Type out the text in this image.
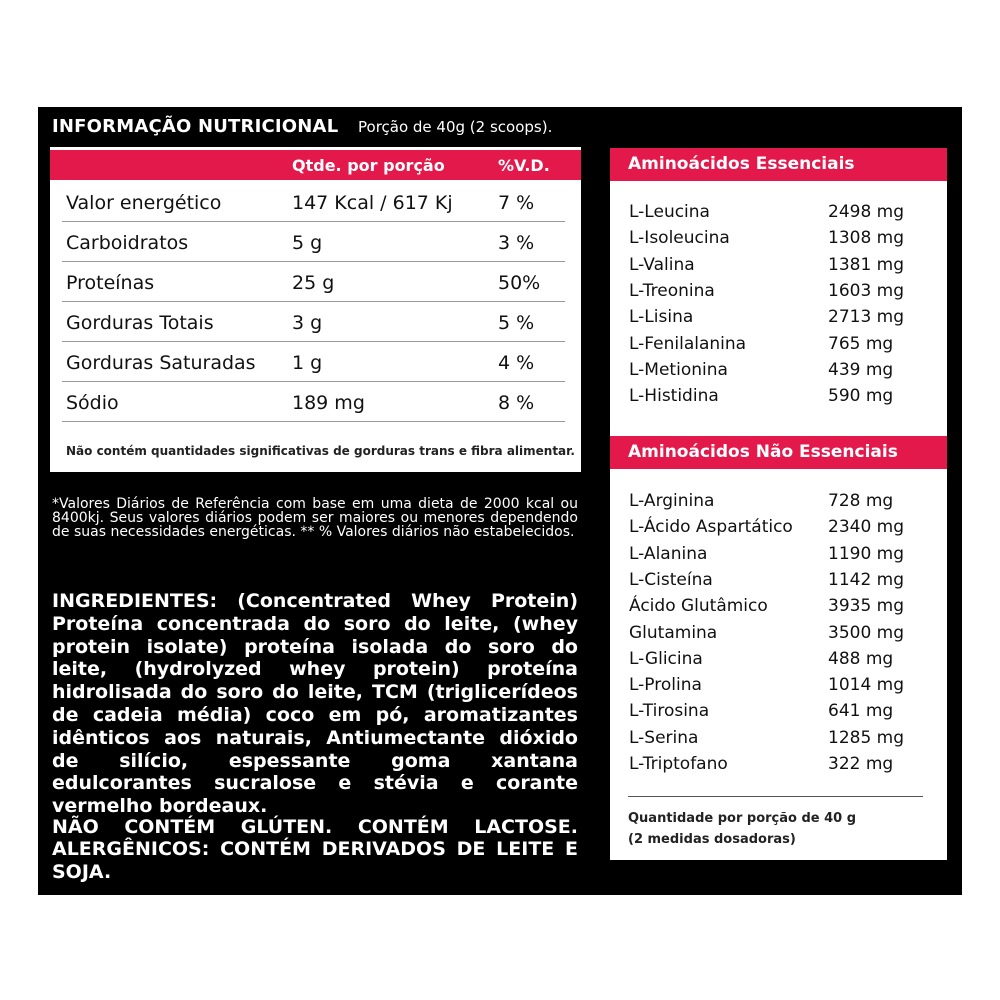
INFORMAÇÃO NUTRICIONAL Porção de 40g (2 scoops).
Qtde. por porção	%V.D.
Valor energético	147 Kcal / 617 Kj 7 %
Carboidratos	5 g	3 %
Proteínas	25 g	50%
Gorduras Totais	3 g	5 %
Gorduras Saturadas 1 g	4 %
Sódio	189 mg	8 %
Não contém quantidades significativas de gorduras trans e fibra alimentar.
*Valores Diários de Referência com base em uma dieta de 2000 kcal ou 8400kj. Seus valores diários podem ser maiores ou menores dependendo de suas necessidades energéticas. ** % Valores diários não estabelecidos.
INGREDIENTES: (Concentrated Whey Protein) Proteína concentrada do soro do leite, (whey protein isolate) proteína isolada do soro do leite, (hydrolyzed whey protein) proteína hidrolisada do soro do leite, TCM (triglicerídeos de cadeia média) coco em pó, aromatizantes idênticos aos naturais, Antiumectante dióxido de silício, espessante goma xantana edulcorantes sucralose e stévia e corante vermelho bordeaux.
NÃO CONTÉM GLÚTEN. CONTÉM LACTOSE. ALERGÊNICOS: CONTÉM DERIVADOS DE LEITE E SOJA.
Aminoácidos Essenciais
L-Leucina	2498 mg
L-Isoleucina	1308 mg
L-Valina	1381 mg
L-Treonina	1603 mg
L-Lisina	2713 mg
L-Fenilalanina	765 mg
L-Metionina	439 mg
L-Histidina	590 mg
Aminoácidos Não Essenciais
L-Arginina	728 mg
L-Ácido Aspartático 2340 mg
L-Alanina	1190 mg
L-Cisteína	1142 mg
Ácido Glutâmico	3935 mg
Glutamina	3500 mg
L-Glicina	488 mg
L-Prolina	1014 mg
L-Tirosina	641 mg
L-Serina	1285 mg
L-Triptofano	322 mg
Quantidade por porção de 40 g
(2 medidas dosadoras)
